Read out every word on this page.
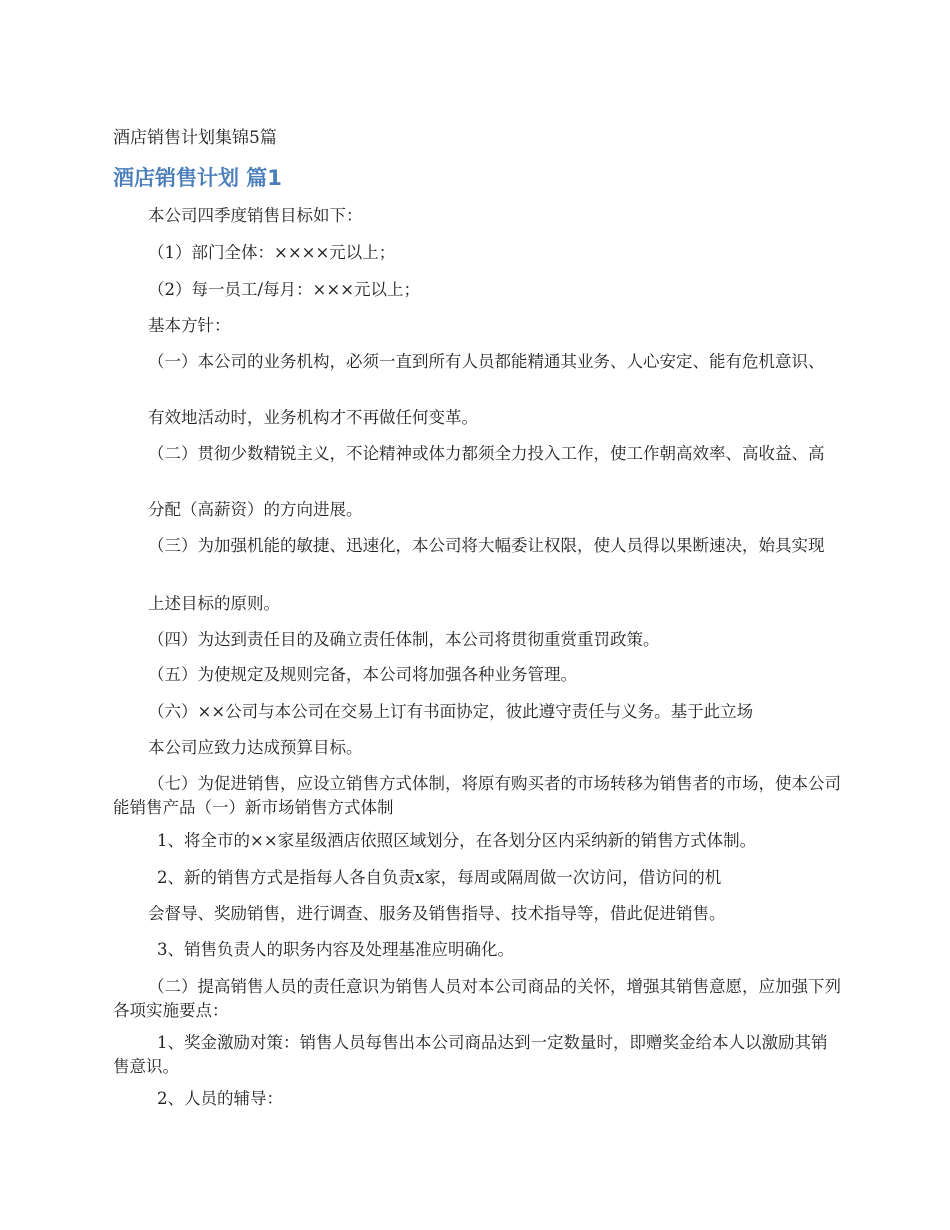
酒店销售计划集锦5篇
酒店销售计划 篇1
本公司四季度销售目标如下：
（1）部门全体：××××元以上；
（2）每一员工/每月：×××元以上；
基本方针：
（一）本公司的业务机构，必须一直到所有人员都能精通其业务、人心安定、能有危机意识、
有效地活动时，业务机构才不再做任何变革。
（二）贯彻少数精锐主义，不论精神或体力都须全力投入工作，使工作朝高效率、高收益、高
分配（高薪资）的方向进展。
（三）为加强机能的敏捷、迅速化，本公司将大幅委让权限，使人员得以果断速决，始具实现
上述目标的原则。
（四）为达到责任目的及确立责任体制，本公司将贯彻重赏重罚政策。
（五）为使规定及规则完备，本公司将加强各种业务管理。
（六）××公司与本公司在交易上订有书面协定，彼此遵守责任与义务。基于此立场
本公司应致力达成预算目标。
（七）为促进销售，应设立销售方式体制，将原有购买者的市场转移为销售者的市场，使本公司能销售产品（一）新市场销售方式体制
1、将全市的××家星级酒店依照区域划分，在各划分区内采纳新的销售方式体制。
2、新的销售方式是指每人各自负责x家，每周或隔周做一次访问，借访问的机
会督导、奖励销售，进行调查、服务及销售指导、技术指导等，借此促进销售。
3、销售负责人的职务内容及处理基准应明确化。
（二）提高销售人员的责任意识为销售人员对本公司商品的关怀，增强其销售意愿，应加强下列各项实施要点：
1、奖金激励对策：销售人员每售出本公司商品达到一定数量时，即赠奖金给本人以激励其销售意识。
2、人员的辅导：
